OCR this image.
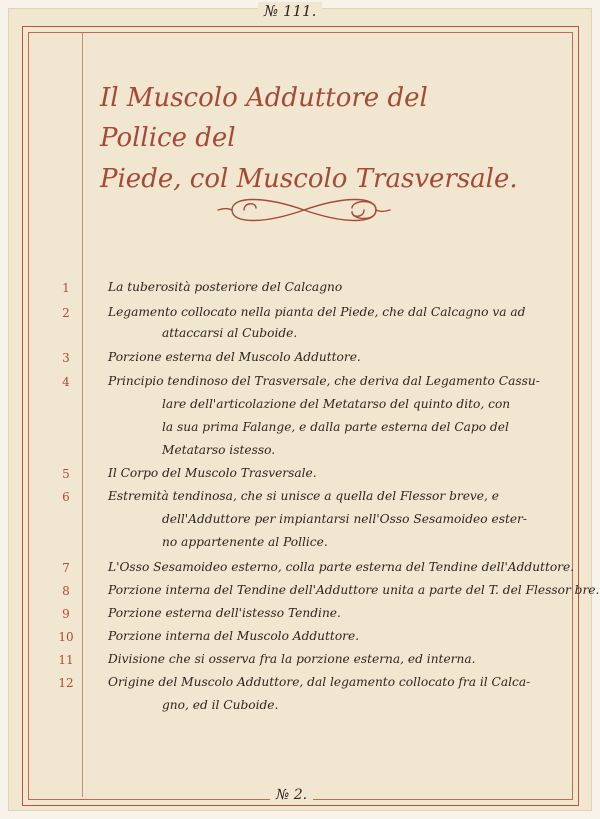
№ 111.
Il Muscolo Adduttore del Pollice del
Piede, col Muscolo Trasversale.
1	La tuberosità posteriore del Calcagno
2	Legamento collocato nella pianta del Piede, che dal Calcagno va ad
attaccarsi al Cuboide.
3	Porzione esterna del Muscolo Adduttore.
4	Principio tendinoso del Trasversale, che deriva dal Legamento Cassu-
lare dell'articolazione del Metatarso del quinto dito, con
la sua prima Falange, e dalla parte esterna del Capo del
Metatarso istesso.
5	Il Corpo del Muscolo Trasversale.
6	Estremità tendinosa, che si unisce a quella del Flessor breve, e
dell'Adduttore per impiantarsi nell'Osso Sesamoideo ester-
no appartenente al Pollice.
7	L'Osso Sesamoideo esterno, colla parte esterna del Tendine dell'Adduttore.
8	Porzione interna del Tendine dell'Adduttore unita a parte del T. del Flessor bre.
9	Porzione esterna dell'istesso Tendine.
10	Porzione interna del Muscolo Adduttore.
11	Divisione che si osserva fra la porzione esterna, ed interna.
12	Origine del Muscolo Adduttore, dal legamento collocato fra il Calca-
gno, ed il Cuboide.
№ 2.
